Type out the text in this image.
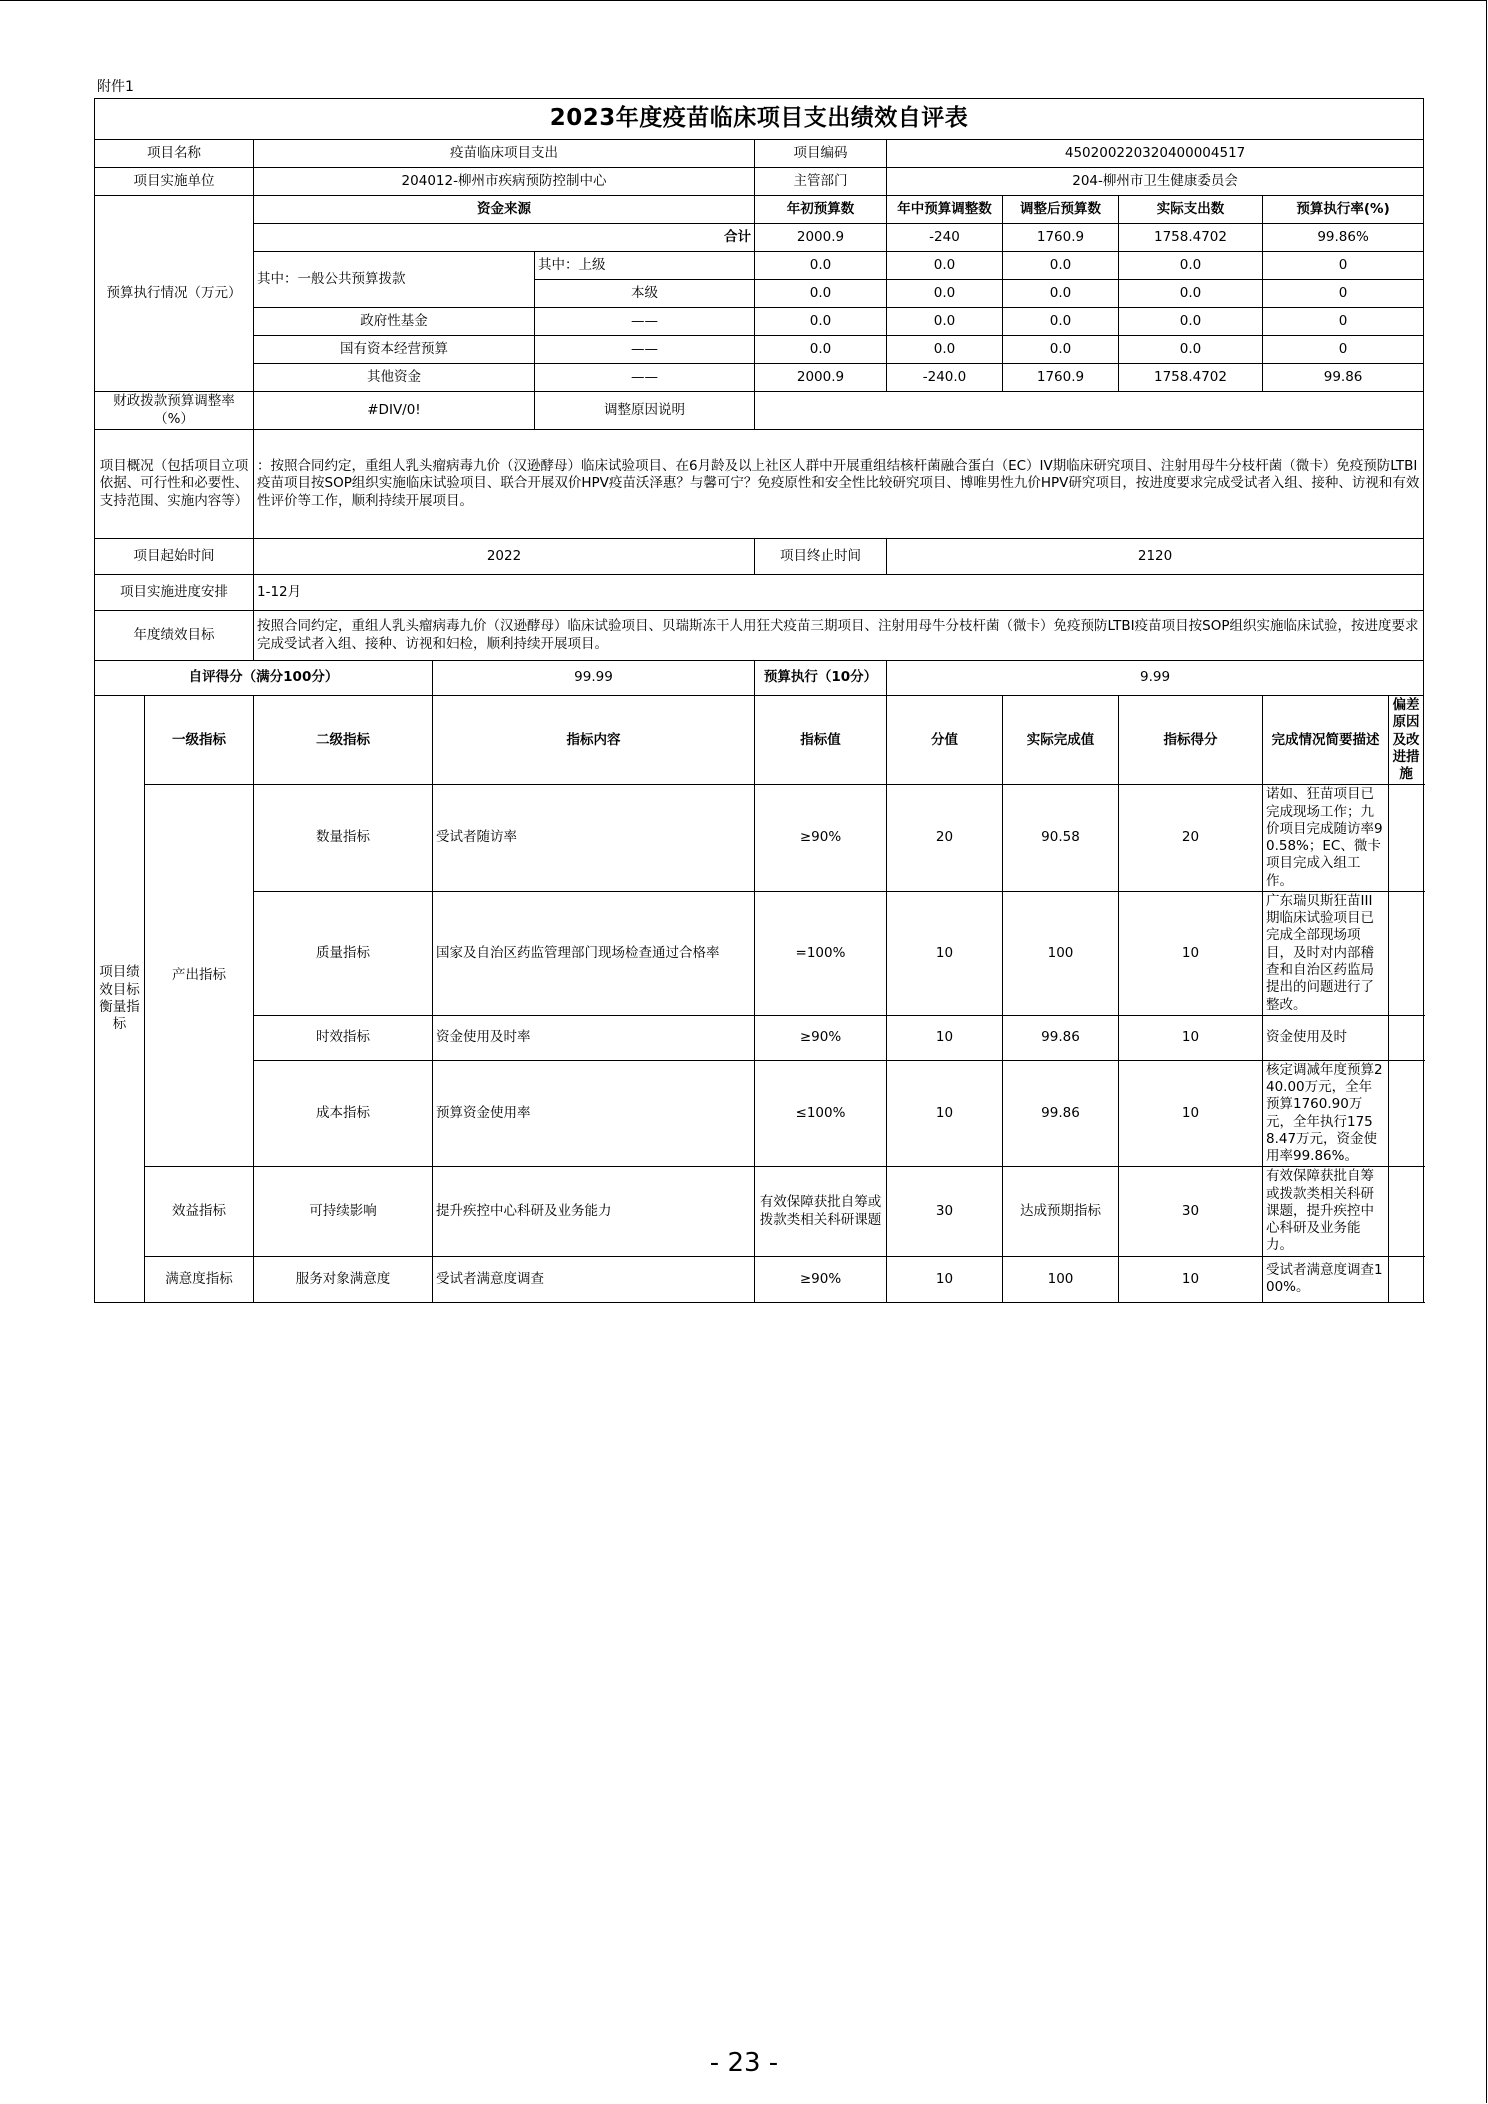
附件1
2023年度疫苗临床项目支出绩效自评表										
项目名称		疫苗临床项目支出			项目编码	450200220320400004517				
项目实施单位		204012-柳州市疾病预防控制中心			主管部门	204-柳州市卫生健康委员会				
预算执行情况（万元）		资金来源			年初预算数	年中预算调整数	调整后预算数	实际支出数	预算执行率(%)	
		合计			2000.9	-240	1760.9	1758.4702	99.86%	
		其中：一般公共预算拨款		其中：上级	0.0	0.0	0.0	0.0	0	
				本级	0.0	0.0	0.0	0.0	0	
		政府性基金		——	0.0	0.0	0.0	0.0	0	
		国有资本经营预算		——	0.0	0.0	0.0	0.0	0	
		其他资金		——	2000.9	-240.0	1760.9	1758.4702	99.86	
财政拨款预算调整率（%）		#DIV/0!		调整原因说明						
项目概况（包括项目立项依据、可行性和必要性、支持范围、实施内容等）		：按照合同约定，重组人乳头瘤病毒九价（汉逊酵母）临床试验项目、在6月龄及以上社区人群中开展重组结核杆菌融合蛋白（EC）IV期临床研究项目、注射用母牛分枝杆菌（微卡）免疫预防LTBI疫苗项目按SOP组织实施临床试验项目、联合开展双价HPV疫苗沃泽惠？与馨可宁？免疫原性和安全性比较研究项目、博唯男性九价HPV研究项目，按进度要求完成受试者入组、接种、访视和有效性评价等工作，顺利持续开展项目。								
项目起始时间		2022			项目终止时间	2120				
项目实施进度安排		1-12月								
年度绩效目标		按照合同约定，重组人乳头瘤病毒九价（汉逊酵母）临床试验项目、贝瑞斯冻干人用狂犬疫苗三期项目、注射用母牛分枝杆菌（微卡）免疫预防LTBI疫苗项目按SOP组织实施临床试验，按进度要求完成受试者入组、接种、访视和妇检，顺利持续开展项目。								
自评得分（满分100分）			99.99		预算执行（10分）	9.99				
项目绩效目标衡量指标	一级指标	二级指标	指标内容		指标值	分值	实际完成值	指标得分	完成情况简要描述	偏差原因及改进措施
	产出指标	数量指标	受试者随访率		≥90%	20	90.58	20	诺如、狂苗项目已完成现场工作；九价项目完成随访率90.58%；EC、微卡项目完成入组工作。	
		质量指标	国家及自治区药监管理部门现场检查通过合格率		=100%	10	100	10	广东瑞贝斯狂苗III期临床试验项目已完成全部现场项目，及时对内部稽查和自治区药监局提出的问题进行了整改。	
		时效指标	资金使用及时率		≥90%	10	99.86	10	资金使用及时	
		成本指标	预算资金使用率		≤100%	10	99.86	10	核定调减年度预算240.00万元，全年预算1760.90万元，全年执行1758.47万元，资金使用率99.86%。	
	效益指标	可持续影响	提升疾控中心科研及业务能力		有效保障获批自筹或拨款类相关科研课题	30	达成预期指标	30	有效保障获批自筹或拨款类相关科研课题，提升疾控中心科研及业务能力。	
	满意度指标	服务对象满意度	受试者满意度调查		≥90%	10	100	10	受试者满意度调查100%。	
- 23 -
